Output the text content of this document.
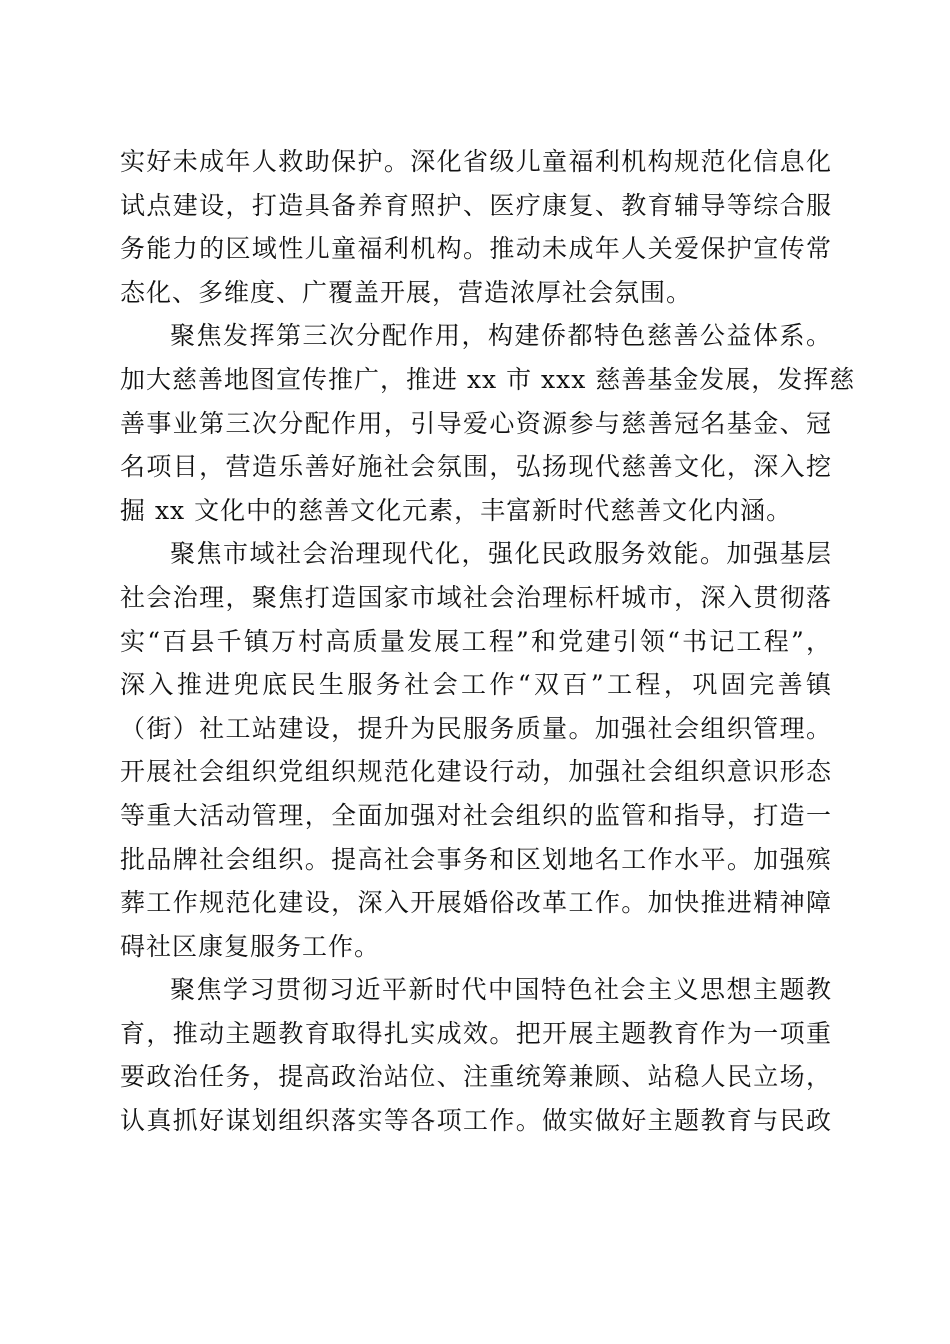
实好未成年人救助保护。深化省级儿童福利机构规范化信息化
试点建设，打造具备养育照护、医疗康复、教育辅导等综合服
务能力的区域性儿童福利机构。推动未成年人关爱保护宣传常
态化、多维度、广覆盖开展，营造浓厚社会氛围。
聚焦发挥第三次分配作用，构建侨都特色慈善公益体系。
加大慈善地图宣传推广，推进 xx 市 xxx 慈善基金发展，发挥慈
善事业第三次分配作用，引导爱心资源参与慈善冠名基金、冠
名项目，营造乐善好施社会氛围，弘扬现代慈善文化，深入挖
掘 xx 文化中的慈善文化元素，丰富新时代慈善文化内涵。
聚焦市域社会治理现代化，强化民政服务效能。加强基层
社会治理，聚焦打造国家市域社会治理标杆城市，深入贯彻落
实“百县千镇万村高质量发展工程”和党建引领“书记工程”，
深入推进兜底民生服务社会工作“双百”工程，巩固完善镇
（街）社工站建设，提升为民服务质量。加强社会组织管理。
开展社会组织党组织规范化建设行动，加强社会组织意识形态
等重大活动管理，全面加强对社会组织的监管和指导，打造一
批品牌社会组织。提高社会事务和区划地名工作水平。加强殡
葬工作规范化建设，深入开展婚俗改革工作。加快推进精神障
碍社区康复服务工作。
聚焦学习贯彻习近平新时代中国特色社会主义思想主题教
育，推动主题教育取得扎实成效。把开展主题教育作为一项重
要政治任务，提高政治站位、注重统筹兼顾、站稳人民立场，
认真抓好谋划组织落实等各项工作。做实做好主题教育与民政
